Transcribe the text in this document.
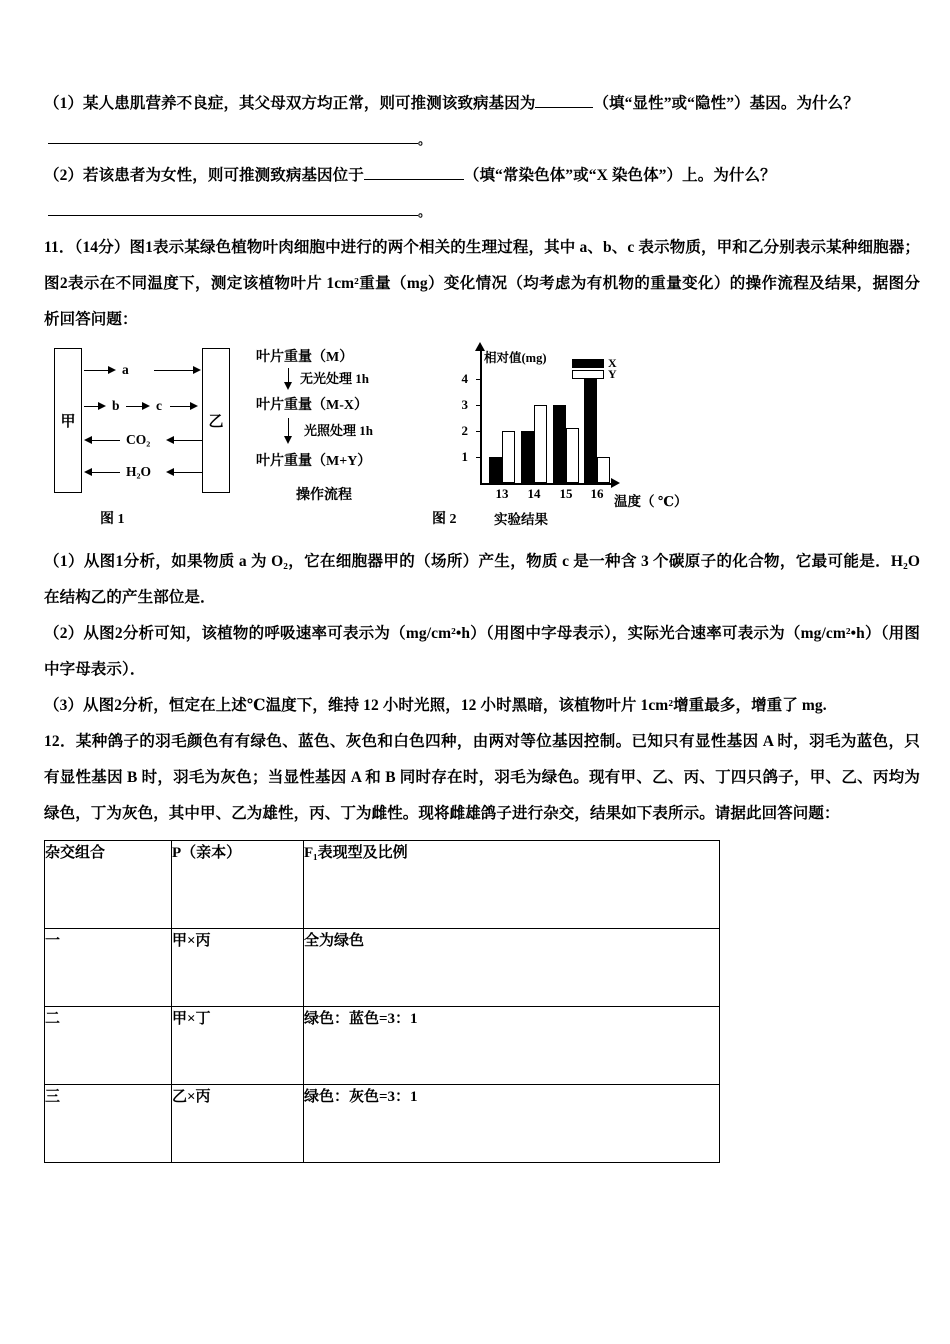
（1）某人患肌营养不良症，其父母双方均正常，则可推测该致病基因为	（填“显性”或“隐性”）基因。为什么？

。

（2）若该患者为女性，则可推测致病基因位于	（填“常染色体”或“X 染色体”）上。为什么？

。

11．（14分）图1表示某绿色植物叶肉细胞中进行的两个相关的生理过程，其中 a、b、c 表示物质，甲和乙分别表示某种细胞器；图2表示在不同温度下，测定该植物叶片 1cm²重量（mg）变化情况（均考虑为有机物的重量变化）的操作流程及结果，据图分析回答问题：

甲	乙
a
b	c
CO₂
H₂O
图 1
叶片重量（M）
无光处理 1h
叶片重量（M-X）
光照处理 1h
叶片重量（M+Y）
操作流程
相对值(mg)
1
2
3
4
13	14	15	16
温度（ ℃）
实验结果
X
Y
图 2

（1）从图1分析，如果物质 a 为 O₂，它在细胞器甲的（场所）产生，物质 c 是一种含 3 个碳原子的化合物，它最可能是．H₂O 在结构乙的产生部位是．

（2）从图2分析可知，该植物的呼吸速率可表示为（mg/cm²•h）（用图中字母表示），实际光合速率可表示为（mg/cm²•h）（用图中字母表示）．

（3）从图2分析，恒定在上述℃温度下，维持 12 小时光照，12 小时黑暗，该植物叶片 1cm²增重最多，增重了 mg.

12．某种鸽子的羽毛颜色有有绿色、蓝色、灰色和白色四种，由两对等位基因控制。已知只有显性基因 A 时，羽毛为蓝色，只有显性基因 B 时，羽毛为灰色；当显性基因 A 和 B 同时存在时，羽毛为绿色。现有甲、乙、丙、丁四只鸽子，甲、乙、丙均为绿色，丁为灰色，其中甲、乙为雄性，丙、丁为雌性。现将雌雄鸽子进行杂交，结果如下表所示。请据此回答问题：

杂交组合	P（亲本）	F₁表现型及比例
一	甲×丙	全为绿色
二	甲×丁	绿色：蓝色=3：1
三	乙×丙	绿色：灰色=3：1
